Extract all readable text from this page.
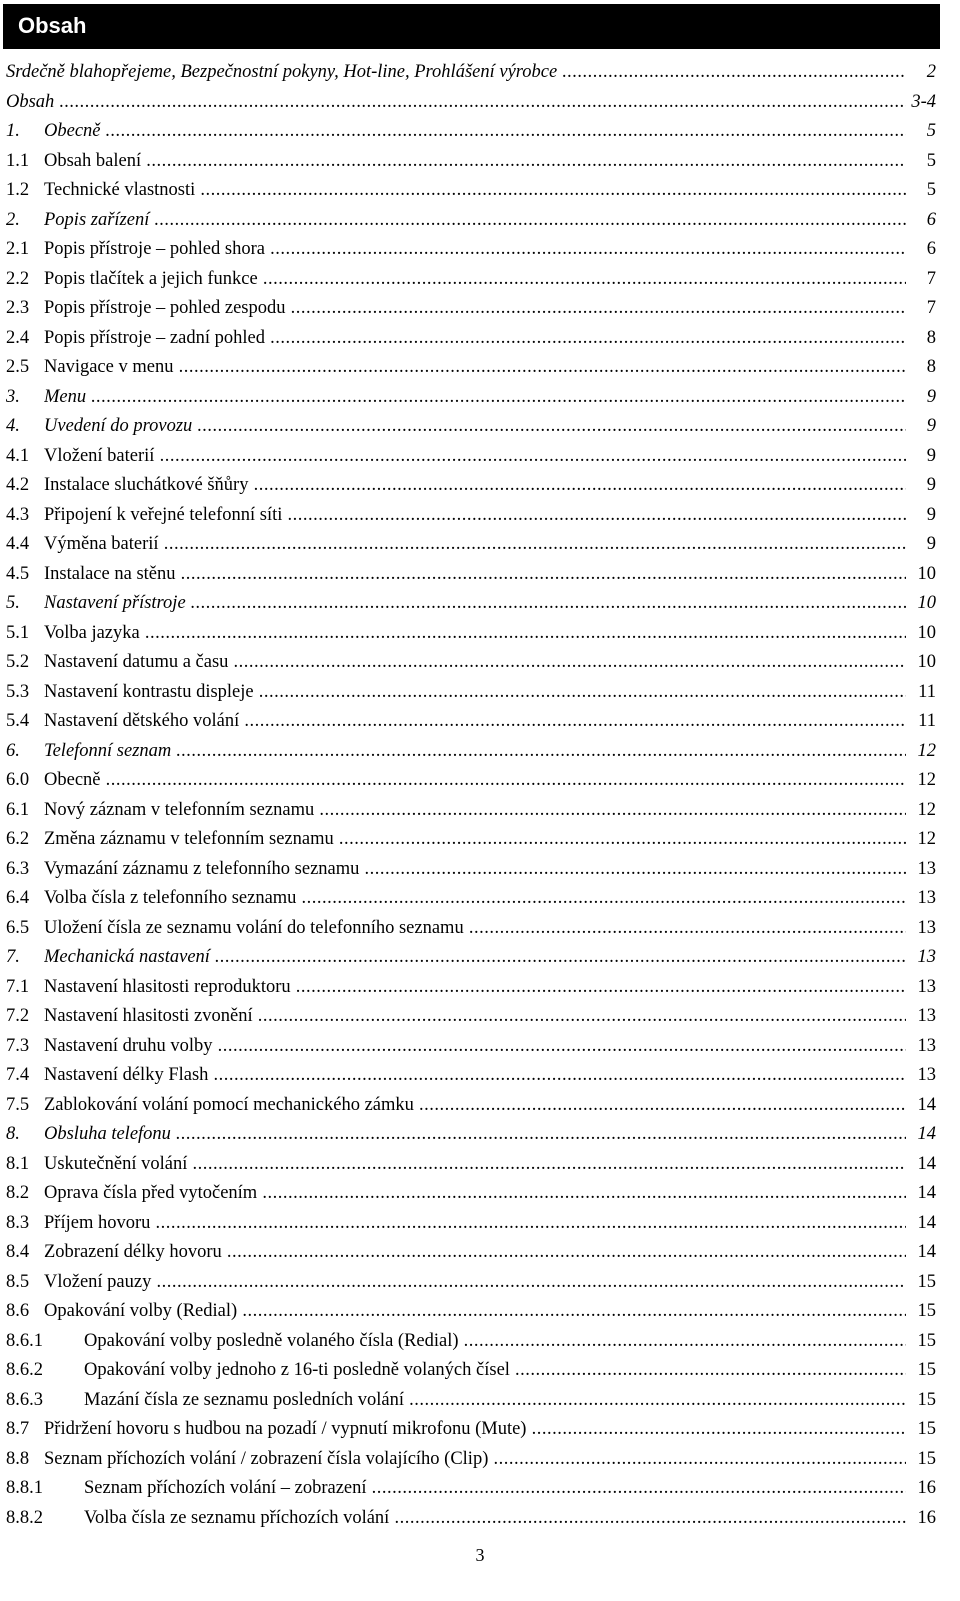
Obsah
Srdečně blahopřejeme, Bezpečnostní pokyny, Hot-line, Prohlášení výrobce .....	2
Obsah .....	3-4
1. Obecně .....	5
1.1 Obsah balení .....	5
1.2 Technické vlastnosti .....	5
2. Popis zařízení .....	6
2.1 Popis přístroje – pohled shora .....	6
2.2 Popis tlačítek a jejich funkce .....	7
2.3 Popis přístroje – pohled zespodu .....	7
2.4 Popis přístroje – zadní pohled .....	8
2.5 Navigace v menu .....	8
3. Menu .....	9
4. Uvedení do provozu .....	9
4.1 Vložení baterií .....	9
4.2 Instalace sluchátkové šňůry .....	9
4.3 Připojení k veřejné telefonní síti .....	9
4.4 Výměna baterií .....	9
4.5 Instalace na stěnu .....	10
5. Nastavení přístroje .....	10
5.1 Volba jazyka .....	10
5.2 Nastavení datumu a času .....	10
5.3 Nastavení kontrastu displeje .....	11
5.4 Nastavení dětského volání .....	11
6. Telefonní seznam .....	12
6.0 Obecně .....	12
6.1 Nový záznam v telefonním seznamu .....	12
6.2 Změna záznamu v telefonním seznamu .....	12
6.3 Vymazání záznamu z telefonního seznamu .....	13
6.4 Volba čísla z telefonního seznamu .....	13
6.5 Uložení čísla ze seznamu volání do telefonního seznamu .....	13
7. Mechanická nastavení .....	13
7.1 Nastavení hlasitosti reproduktoru .....	13
7.2 Nastavení hlasitosti zvonění .....	13
7.3 Nastavení druhu volby .....	13
7.4 Nastavení délky Flash .....	13
7.5 Zablokování volání pomocí mechanického zámku .....	14
8. Obsluha telefonu .....	14
8.1 Uskutečnění volání .....	14
8.2 Oprava čísla před vytočením .....	14
8.3 Příjem hovoru .....	14
8.4 Zobrazení délky hovoru .....	14
8.5 Vložení pauzy .....	15
8.6 Opakování volby (Redial) .....	15
8.6.1 Opakování volby posledně volaného čísla (Redial) .....	15
8.6.2 Opakování volby jednoho z 16-ti posledně volaných čísel .....	15
8.6.3 Mazání čísla ze seznamu posledních volání .....	15
8.7 Přidržení hovoru s hudbou na pozadí / vypnutí mikrofonu (Mute) .....	15
8.8 Seznam příchozích volání / zobrazení čísla volajícího (Clip) .....	15
8.8.1 Seznam příchozích volání – zobrazení .....	16
8.8.2 Volba čísla ze seznamu příchozích volání .....	16
3
